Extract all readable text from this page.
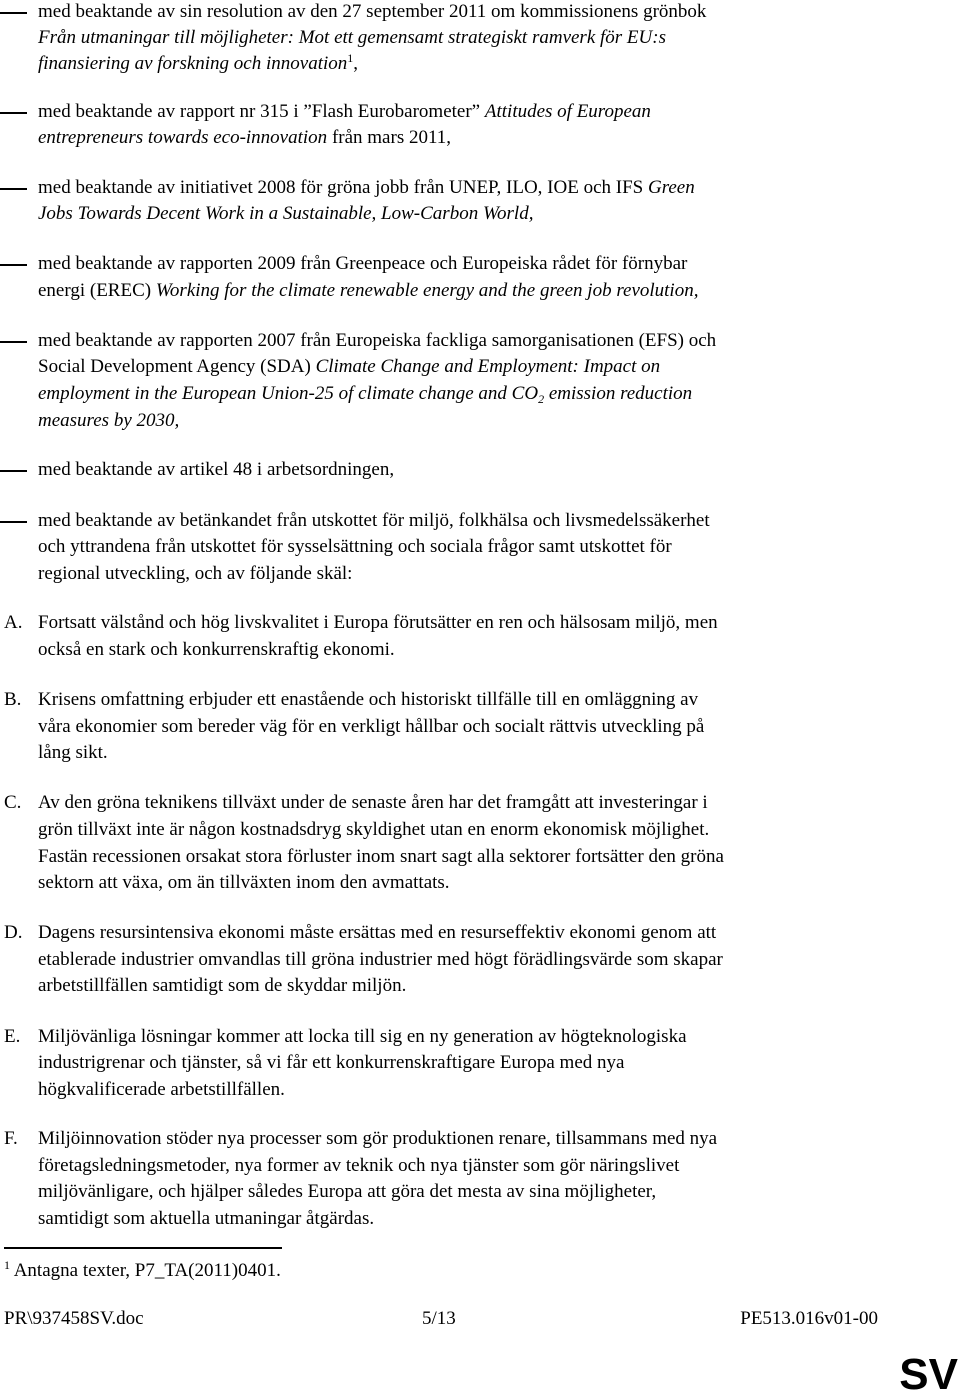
med beaktande av sin resolution av den 27 september 2011 om kommissionens grönbok
Från utmaningar till möjligheter: Mot ett gemensamt strategiskt ramverk för EU:s
finansiering av forskning och innovation$^1$,
med beaktande av rapport nr 315 i ”Flash Eurobarometer” Attitudes of European
entrepreneurs towards eco-innovation från mars 2011,
med beaktande av initiativet 2008 för gröna jobb från UNEP, ILO, IOE och IFS Green
Jobs Towards Decent Work in a Sustainable, Low-Carbon World,
med beaktande av rapporten 2009 från Greenpeace och Europeiska rådet för förnybar
energi (EREC) Working for the climate renewable energy and the green job revolution,
med beaktande av rapporten 2007 från Europeiska fackliga samorganisationen (EFS) och
Social Development Agency (SDA) Climate Change and Employment: Impact on
employment in the European Union-25 of climate change and $CO_2$ emission reduction
measures by 2030,
med beaktande av artikel 48 i arbetsordningen,
med beaktande av betänkandet från utskottet för miljö, folkhälsa och livsmedelssäkerhet
och yttrandena från utskottet för sysselsättning och sociala frågor samt utskottet för
regional utveckling, och av följande skäl:
A. Fortsatt välstånd och hög livskvalitet i Europa förutsätter en ren och hälsosam miljö, men
också en stark och konkurrenskraftig ekonomi.
B. Krisens omfattning erbjuder ett enastående och historiskt tillfälle till en omläggning av
våra ekonomier som bereder väg för en verkligt hållbar och socialt rättvis utveckling på
lång sikt.
C. Av den gröna teknikens tillväxt under de senaste åren har det framgått att investeringar i
grön tillväxt inte är någon kostnadsdryg skyldighet utan en enorm ekonomisk möjlighet.
Fastän recessionen orsakat stora förluster inom snart sagt alla sektorer fortsätter den gröna
sektorn att växa, om än tillväxten inom den avmattats.
D. Dagens resursintensiva ekonomi måste ersättas med en resurseffektiv ekonomi genom att
etablerade industrier omvandlas till gröna industrier med högt förädlingsvärde som skapar
arbetstillfällen samtidigt som de skyddar miljön.
E. Miljövänliga lösningar kommer att locka till sig en ny generation av högteknologiska
industrigrenar och tjänster, så vi får ett konkurrenskraftigare Europa med nya
högkvalificerade arbetstillfällen.
F. Miljöinnovation stöder nya processer som gör produktionen renare, tillsammans med nya
företagsledningsmetoder, nya former av teknik och nya tjänster som gör näringslivet
miljövänligare, och hjälper således Europa att göra det mesta av sina möjligheter,
samtidigt som aktuella utmaningar åtgärdas.
$^1$ Antagna texter, P7_TA(2011)0401.
PR\937458SV.doc	5/13	PE513.016v01-00
SV
